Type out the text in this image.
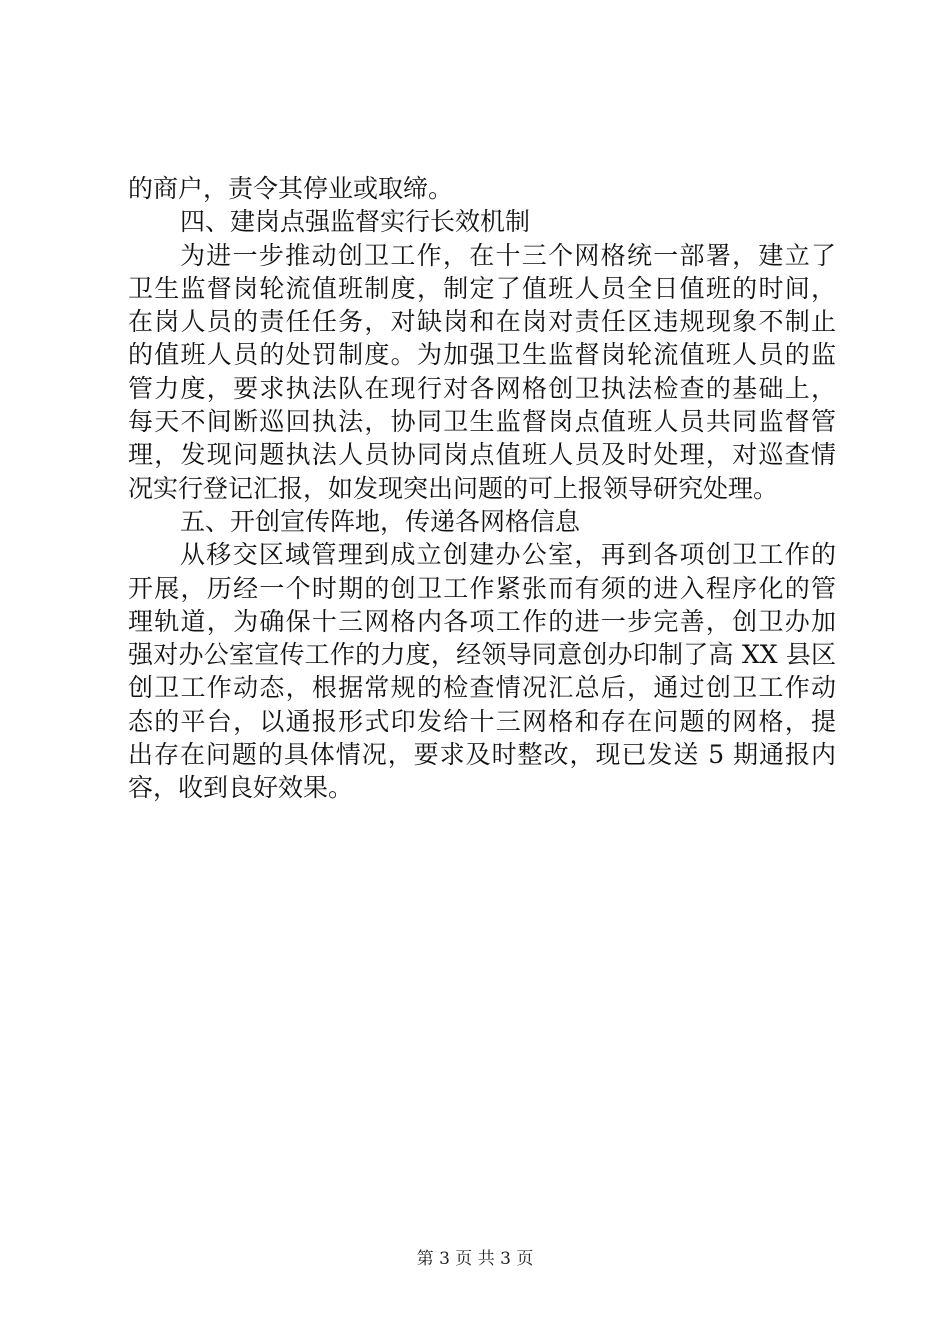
的商户，责令其停业或取缔。
四、建岗点强监督实行长效机制
为进一步推动创卫工作，在十三个网格统一部署，建立了
卫生监督岗轮流值班制度，制定了值班人员全日值班的时间，
在岗人员的责任任务，对缺岗和在岗对责任区违规现象不制止
的值班人员的处罚制度。为加强卫生监督岗轮流值班人员的监
管力度，要求执法队在现行对各网格创卫执法检查的基础上，
每天不间断巡回执法，协同卫生监督岗点值班人员共同监督管
理，发现问题执法人员协同岗点值班人员及时处理，对巡查情
况实行登记汇报，如发现突出问题的可上报领导研究处理。
五、开创宣传阵地，传递各网格信息
从移交区域管理到成立创建办公室，再到各项创卫工作的
开展，历经一个时期的创卫工作紧张而有须的进入程序化的管
理轨道，为确保十三网格内各项工作的进一步完善，创卫办加
强对办公室宣传工作的力度，经领导同意创办印制了高 XX 县区
创卫工作动态，根据常规的检查情况汇总后，通过创卫工作动
态的平台，以通报形式印发给十三网格和存在问题的网格，提
出存在问题的具体情况，要求及时整改，现已发送 5 期通报内
容，收到良好效果。
第 3 页 共 3 页
